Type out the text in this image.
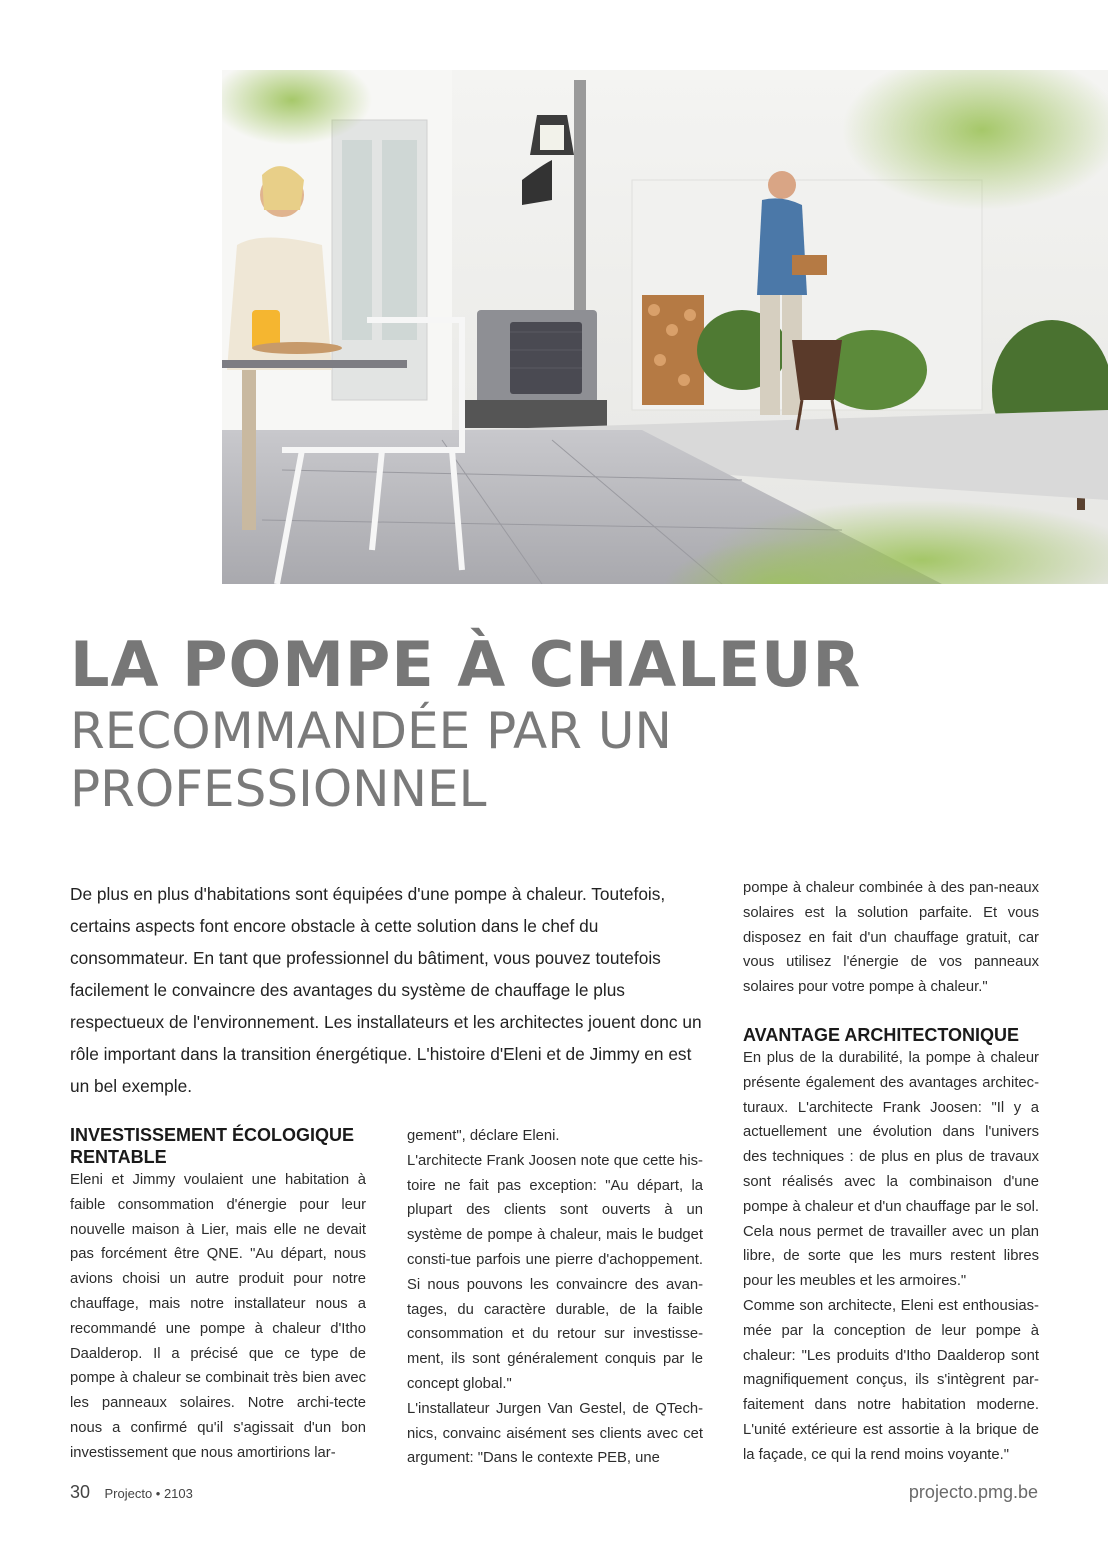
LA POMPE À CHALEUR
RECOMMANDÉE PAR UN PROFESSIONNEL

De plus en plus d'habitations sont équipées d'une pompe à chaleur. Toutefois, certains aspects font encore obstacle à cette solution dans le chef du consommateur. En tant que professionnel du bâtiment, vous pouvez toutefois facilement le convaincre des avantages du système de chauffage le plus respectueux de l'environnement. Les installateurs et les architectes jouent donc un rôle important dans la transition énergétique. L'histoire d'Eleni et de Jimmy en est un bel exemple.

INVESTISSEMENT ÉCOLOGIQUE RENTABLE

Eleni et Jimmy voulaient une habitation à faible consommation d'énergie pour leur nouvelle maison à Lier, mais elle ne devait pas forcément être QNE. "Au départ, nous avions choisi un autre produit pour notre chauffage, mais notre installateur nous a recommandé une pompe à chaleur d'Itho Daalderop. Il a précisé que ce type de pompe à chaleur se combinait très bien avec les panneaux solaires. Notre archi-tecte nous a confirmé qu'il s'agissait d'un bon investissement que nous amortirions lar-

gement", déclare Eleni.

L'architecte Frank Joosen note que cette his-toire ne fait pas exception: "Au départ, la plupart des clients sont ouverts à un système de pompe à chaleur, mais le budget consti-tue parfois une pierre d'achoppement. Si nous pouvons les convaincre des avan-tages, du caractère durable, de la faible consommation et du retour sur investisse-ment, ils sont généralement conquis par le concept global."

L'installateur Jurgen Van Gestel, de QTech-nics, convainc aisément ses clients avec cet argument: "Dans le contexte PEB, une

pompe à chaleur combinée à des pan-neaux solaires est la solution parfaite. Et vous disposez en fait d'un chauffage gratuit, car vous utilisez l'énergie de vos panneaux solaires pour votre pompe à chaleur."

AVANTAGE ARCHITECTONIQUE

En plus de la durabilité, la pompe à chaleur présente également des avantages architec-turaux. L'architecte Frank Joosen: "Il y a actuellement une évolution dans l'univers des techniques : de plus en plus de travaux sont réalisés avec la combinaison d'une pompe à chaleur et d'un chauffage par le sol. Cela nous permet de travailler avec un plan libre, de sorte que les murs restent libres pour les meubles et les armoires."

Comme son architecte, Eleni est enthousias-mée par la conception de leur pompe à chaleur: "Les produits d'Itho Daalderop sont magnifiquement conçus, ils s'intègrent par-faitement dans notre habitation moderne. L'unité extérieure est assortie à la brique de la façade, ce qui la rend moins voyante."

30 Projecto • 2103	projecto.pmg.be
